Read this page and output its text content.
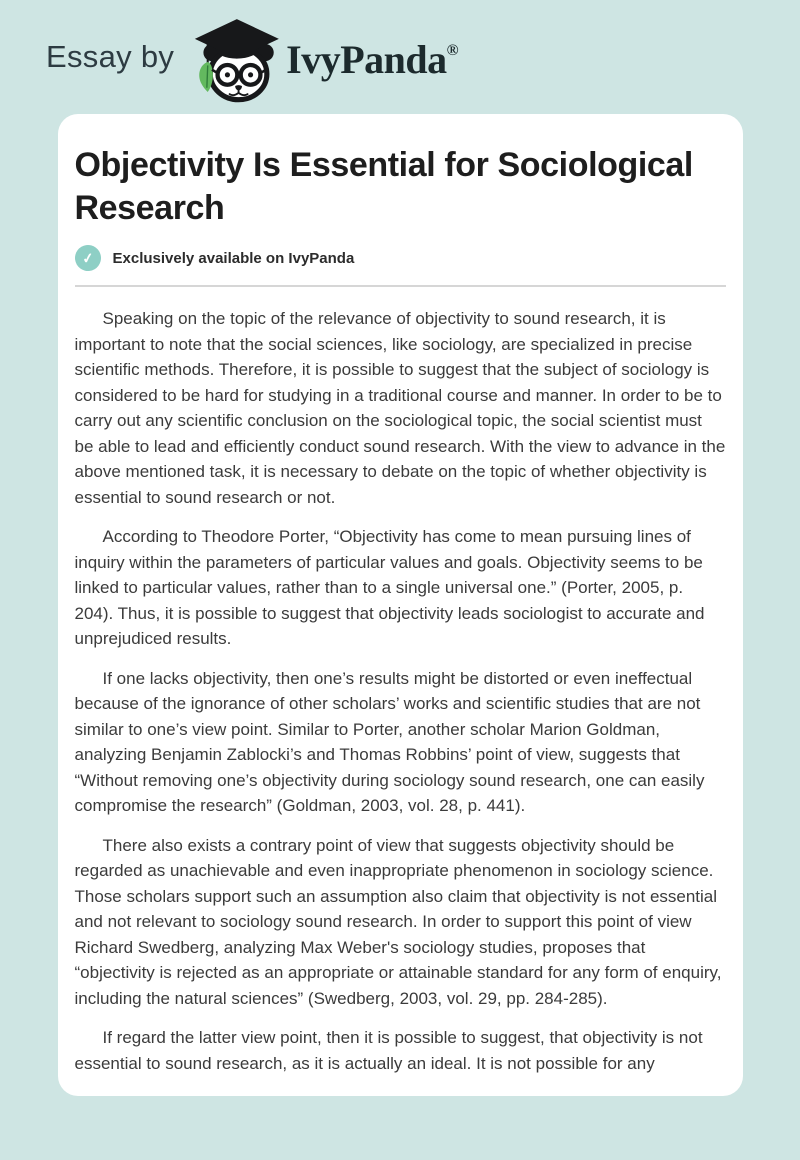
Essay by	IvyPanda®
Objectivity Is Essential for Sociological Research
✓	Exclusively available on IvyPanda

Speaking on the topic of the relevance of objectivity to sound research, it is important to note that the social sciences, like sociology, are specialized in precise scientific methods. Therefore, it is possible to suggest that the subject of sociology is considered to be hard for studying in a traditional course and manner. In order to be to carry out any scientific conclusion on the sociological topic, the social scientist must be able to lead and efficiently conduct sound research. With the view to advance in the above mentioned task, it is necessary to debate on the topic of whether objectivity is essential to sound research or not.

According to Theodore Porter, “Objectivity has come to mean pursuing lines of inquiry within the parameters of particular values and goals. Objectivity seems to be linked to particular values, rather than to a single universal one.” (Porter, 2005, p. 204). Thus, it is possible to suggest that objectivity leads sociologist to accurate and unprejudiced results.

If one lacks objectivity, then one’s results might be distorted or even ineffectual because of the ignorance of other scholars’ works and scientific studies that are not similar to one’s view point. Similar to Porter, another scholar Marion Goldman, analyzing Benjamin Zablocki’s and Thomas Robbins’ point of view, suggests that “Without removing one’s objectivity during sociology sound research, one can easily compromise the research” (Goldman, 2003, vol. 28, p. 441).

There also exists a contrary point of view that suggests objectivity should be regarded as unachievable and even inappropriate phenomenon in sociology science. Those scholars support such an assumption also claim that objectivity is not essential and not relevant to sociology sound research. In order to support this point of view Richard Swedberg, analyzing Max Weber's sociology studies, proposes that “objectivity is rejected as an appropriate or attainable standard for any form of enquiry, including the natural sciences” (Swedberg, 2003, vol. 29, pp. 284-285).

If regard the latter view point, then it is possible to suggest, that objectivity is not essential to sound research, as it is actually an ideal. It is not possible for any
